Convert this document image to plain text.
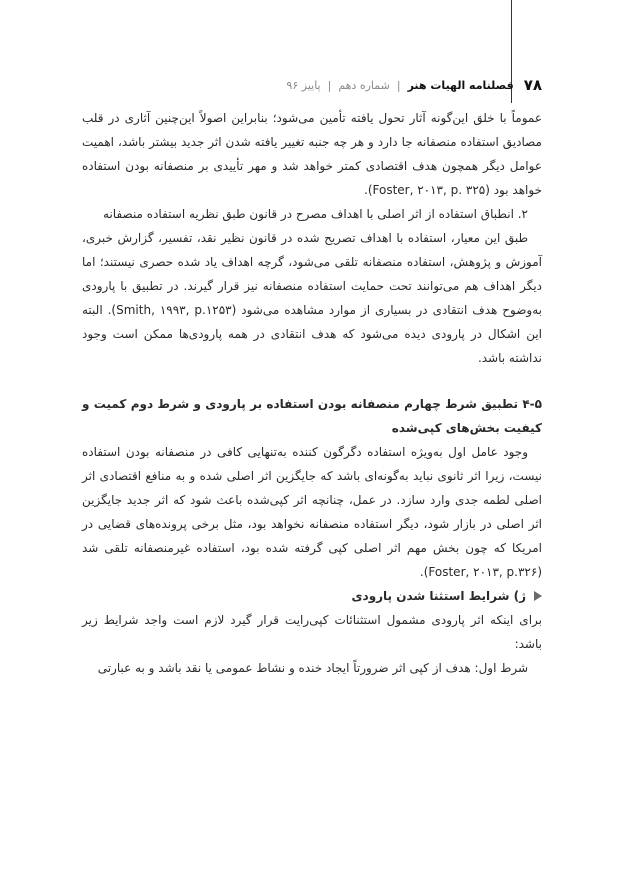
۷۸
فصلنامه الهیات هنر
|
شماره دهم
|
پاییز ۹۶

عموماً با خلق این‌گونه آثار تحول یافته تأمین می‌شود؛ بنابراین اصولاً این‌چنین آثاری در قلب مصادیق استفاده منصفانه جا دارد و هر چه جنبه تغییر یافته شدن اثر جدید بیشتر باشد، اهمیت عوامل دیگر همچون هدف اقتصادی کمتر خواهد شد و مهر تأییدی بر منصفانه بودن استفاده خواهد بود (Foster, ۲۰۱۳, p. ۳۲۵).

۲. انطباق استفاده از اثر اصلی با اهداف مصرح در قانون طبق نظریه استفاده منصفانه

طبق این معیار، استفاده با اهداف تصریح شده در قانون نظیر نقد، تفسیر، گزارش خبری، آموزش و پژوهش، استفاده منصفانه تلقی می‌شود، گرچه اهداف یاد شده حصری نیستند؛ اما دیگر اهداف هم می‌توانند تحت حمایت استفاده منصفانه نیز قرار گیرند. در تطبیق با پارودی به‌وضوح هدف انتقادی در بسیاری از موارد مشاهده می‌شود (Smith, ۱۹۹۳, p.۱۲۵۳). البته این اشکال در پارودی دیده می‌شود که هدف انتقادی در همه پارودی‌ها ممکن است وجود نداشته باشد.

۴-۵ تطبیق شرط چهارم منصفانه بودن استفاده بر پارودی و شرط دوم کمیت و کیفیت بخش‌های کپی‌شده

وجود عامل اول به‌ویژه استفاده دگرگون کننده به‌تنهایی کافی در منصفانه بودن استفاده نیست، زیرا اثر ثانوی نباید به‌گونه‌ای باشد که جایگزین اثر اصلی شده و به منافع اقتصادی اثر اصلی لطمه جدی وارد سازد. در عمل، چنانچه اثر کپی‌شده باعث شود که اثر جدید جایگزین اثر اصلی در بازار شود، دیگر استفاده منصفانه نخواهد بود، مثل برخی پرونده‌های قضایی در امریکا که چون بخش مهم اثر اصلی کپی گرفته شده بود، استفاده غیرمنصفانه تلقی شد (Foster, ۲۰۱۳, p.۳۲۶).

ژ) شرایط استثنا شدن پارودی

برای اینکه اثر پارودی مشمول استثنائات کپی‌رایت قرار گیرد لازم است واجد شرایط زیر باشد:

شرط اول: هدف از کپی اثر ضرورتاً ایجاد خنده و نشاط عمومی یا نقد باشد و به عبارتی
